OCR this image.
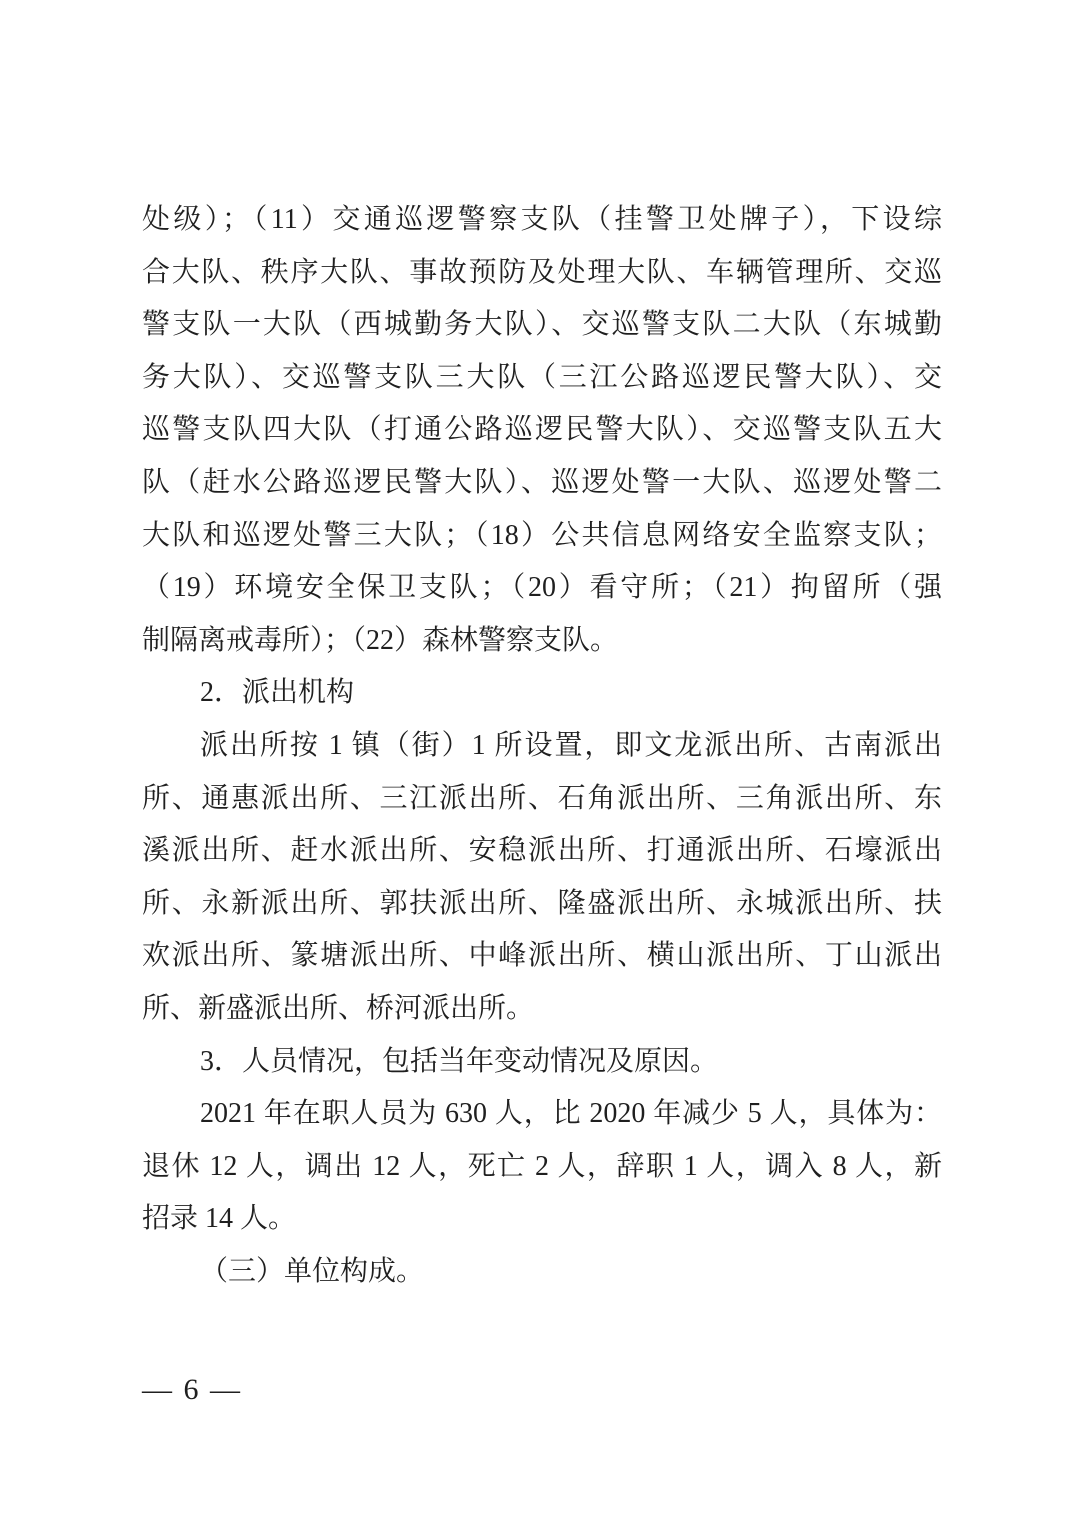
处级）；（11）交通巡逻警察支队（挂警卫处牌子），下设综
合大队、秩序大队、事故预防及处理大队、车辆管理所、交巡
警支队一大队（西城勤务大队）、交巡警支队二大队（东城勤
务大队）、交巡警支队三大队（三江公路巡逻民警大队）、交
巡警支队四大队（打通公路巡逻民警大队）、交巡警支队五大
队（赶水公路巡逻民警大队）、巡逻处警一大队、巡逻处警二
大队和巡逻处警三大队；（18）公共信息网络安全监察支队；
（19）环境安全保卫支队；（20）看守所；（21）拘留所（强
制隔离戒毒所）；（22）森林警察支队。
2．派出机构
派出所按 1 镇（街）1 所设置，即文龙派出所、古南派出
所、通惠派出所、三江派出所、石角派出所、三角派出所、东
溪派出所、赶水派出所、安稳派出所、打通派出所、石壕派出
所、永新派出所、郭扶派出所、隆盛派出所、永城派出所、扶
欢派出所、篆塘派出所、中峰派出所、横山派出所、丁山派出
所、新盛派出所、桥河派出所。
3．人员情况，包括当年变动情况及原因。
2021 年在职人员为 630 人，比 2020 年减少 5 人，具体为：
退休 12 人，调出 12 人，死亡 2 人，辞职 1 人，调入 8 人，新
招录 14 人。
（三）单位构成。
— 6 —
